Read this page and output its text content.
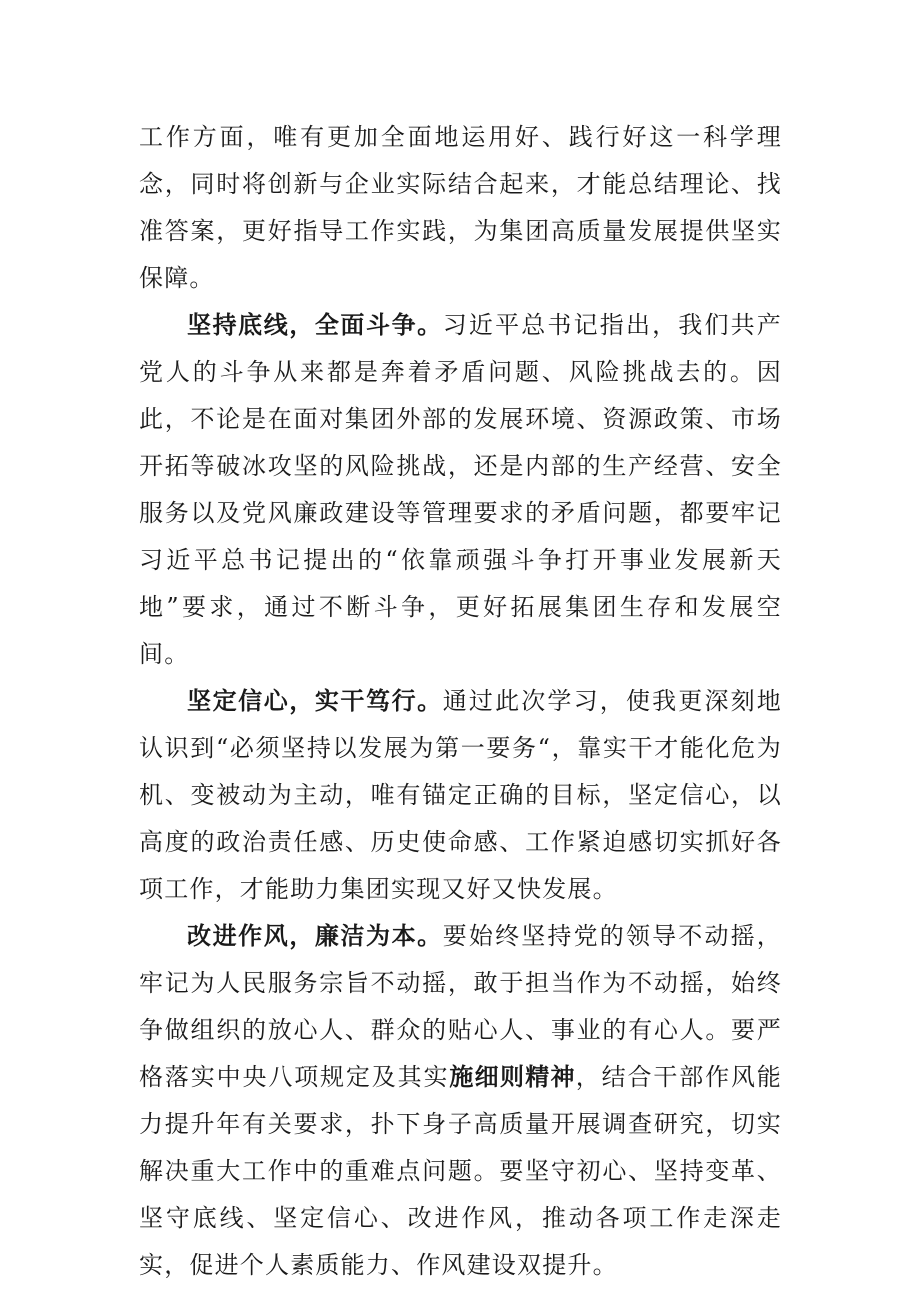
工作方面，唯有更加全面地运用好、践行好这一科学理念，同时将创新与企业实际结合起来，才能总结理论、找准答案，更好指导工作实践，为集团高质量发展提供坚实保障。

坚持底线，全面斗争。习近平总书记指出，我们共产党人的斗争从来都是奔着矛盾问题、风险挑战去的。因此，不论是在面对集团外部的发展环境、资源政策、市场开拓等破冰攻坚的风险挑战，还是内部的生产经营、安全服务以及党风廉政建设等管理要求的矛盾问题，都要牢记习近平总书记提出的“依靠顽强斗争打开事业发展新天地”要求，通过不断斗争，更好拓展集团生存和发展空间。

坚定信心，实干笃行。通过此次学习，使我更深刻地认识到“必须坚持以发展为第一要务“，靠实干才能化危为机、变被动为主动，唯有锚定正确的目标，坚定信心，以高度的政治责任感、历史使命感、工作紧迫感切实抓好各项工作，才能助力集团实现又好又快发展。

改进作风，廉洁为本。要始终坚持党的领导不动摇，牢记为人民服务宗旨不动摇，敢于担当作为不动摇，始终争做组织的放心人、群众的贴心人、事业的有心人。要严格落实中央八项规定及其实施细则精神，结合干部作风能力提升年有关要求，扑下身子高质量开展调查研究，切实解决重大工作中的重难点问题。要坚守初心、坚持变革、坚守底线、坚定信心、改进作风，推动各项工作走深走实，促进个人素质能力、作风建设双提升。
